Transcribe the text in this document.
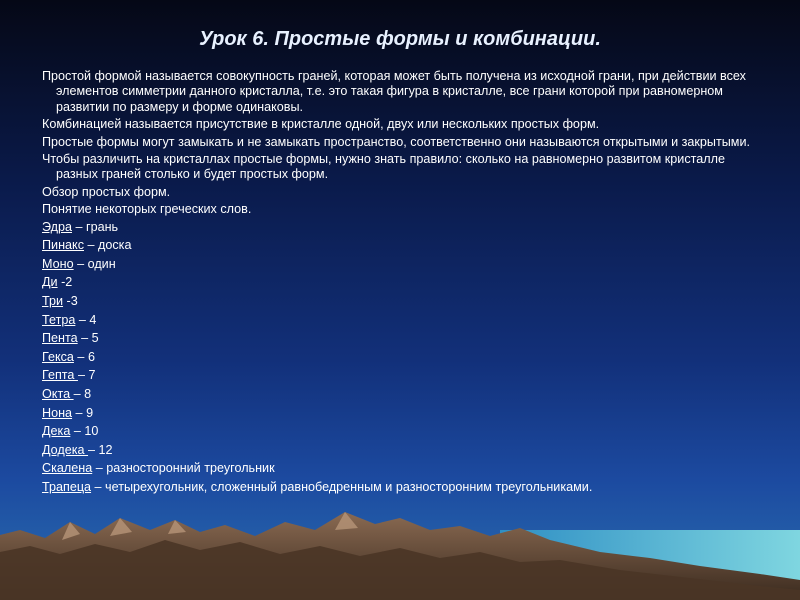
Урок 6. Простые формы и комбинации.

Простой формой называется совокупность граней, которая может быть получена из исходной грани, при действии всех элементов симметрии данного кристалла, т.е. это такая фигура в кристалле, все грани которой при равномерном развитии по размеру и форме одинаковы.

Комбинацией называется присутствие в кристалле одной, двух или нескольких простых форм.

Простые формы могут замыкать и не замыкать пространство, соответственно они называются открытыми и закрытыми.

Чтобы различить на кристаллах простые формы, нужно знать правило: сколько на равномерно развитом кристалле разных граней столько и будет простых форм.

Обзор простых форм.

Понятие некоторых греческих слов.

Эдра – грань
Пинакс – доска
Моно – один
Ди -2
Три -3
Тетра – 4
Пента – 5
Гекса – 6
Гепта – 7
Окта – 8
Нона – 9
Дека – 10
Додека – 12
Скалена – разносторонний треугольник
Трапеца – четырехугольник, сложенный равнобедренным и разносторонним треугольниками.
